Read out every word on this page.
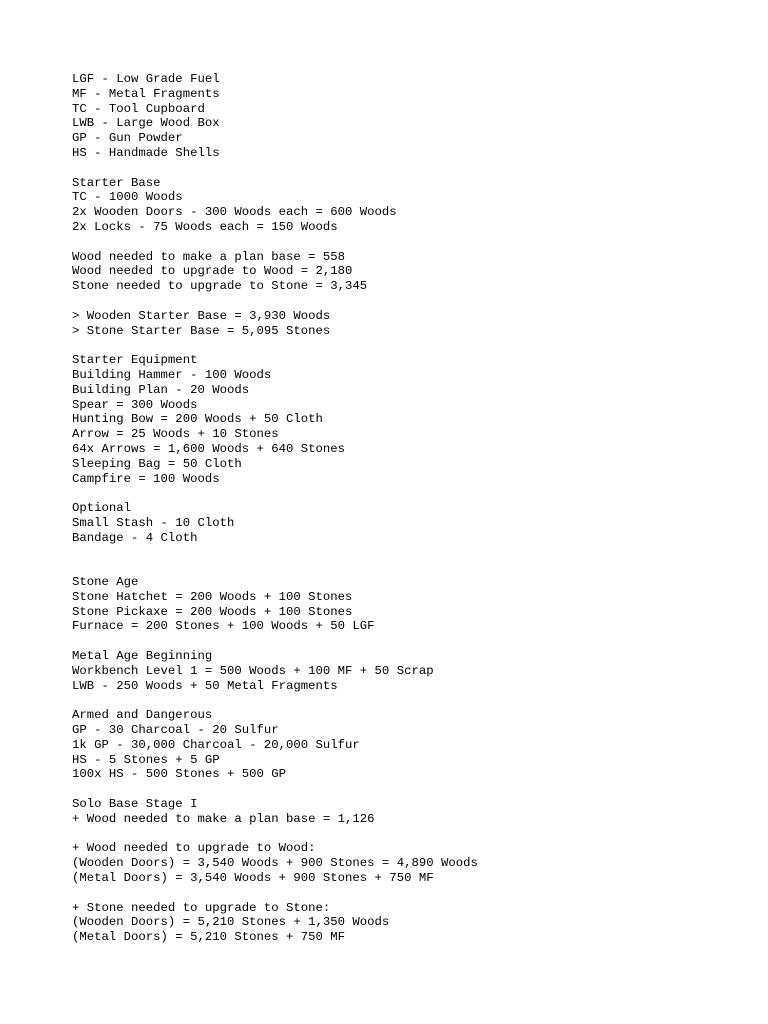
LGF - Low Grade Fuel
MF - Metal Fragments
TC - Tool Cupboard
LWB - Large Wood Box
GP - Gun Powder
HS - Handmade Shells
Starter Base
TC - 1000 Woods
2x Wooden Doors - 300 Woods each = 600 Woods
2x Locks - 75 Woods each = 150 Woods
Wood needed to make a plan base = 558
Wood needed to upgrade to Wood = 2,180
Stone needed to upgrade to Stone = 3,345
> Wooden Starter Base = 3,930 Woods
> Stone Starter Base = 5,095 Stones
Starter Equipment
Building Hammer - 100 Woods
Building Plan - 20 Woods
Spear = 300 Woods
Hunting Bow = 200 Woods + 50 Cloth
Arrow = 25 Woods + 10 Stones
64x Arrows = 1,600 Woods + 640 Stones
Sleeping Bag = 50 Cloth
Campfire = 100 Woods
Optional
Small Stash - 10 Cloth
Bandage - 4 Cloth
Stone Age
Stone Hatchet = 200 Woods + 100 Stones
Stone Pickaxe = 200 Woods + 100 Stones
Furnace = 200 Stones + 100 Woods + 50 LGF
Metal Age Beginning
Workbench Level 1 = 500 Woods + 100 MF + 50 Scrap
LWB - 250 Woods + 50 Metal Fragments
Armed and Dangerous
GP - 30 Charcoal - 20 Sulfur
1k GP - 30,000 Charcoal - 20,000 Sulfur
HS - 5 Stones + 5 GP
100x HS - 500 Stones + 500 GP
Solo Base Stage I
+ Wood needed to make a plan base = 1,126
+ Wood needed to upgrade to Wood:
(Wooden Doors) = 3,540 Woods + 900 Stones = 4,890 Woods
(Metal Doors) = 3,540 Woods + 900 Stones + 750 MF
+ Stone needed to upgrade to Stone:
(Wooden Doors) = 5,210 Stones + 1,350 Woods
(Metal Doors) = 5,210 Stones + 750 MF
